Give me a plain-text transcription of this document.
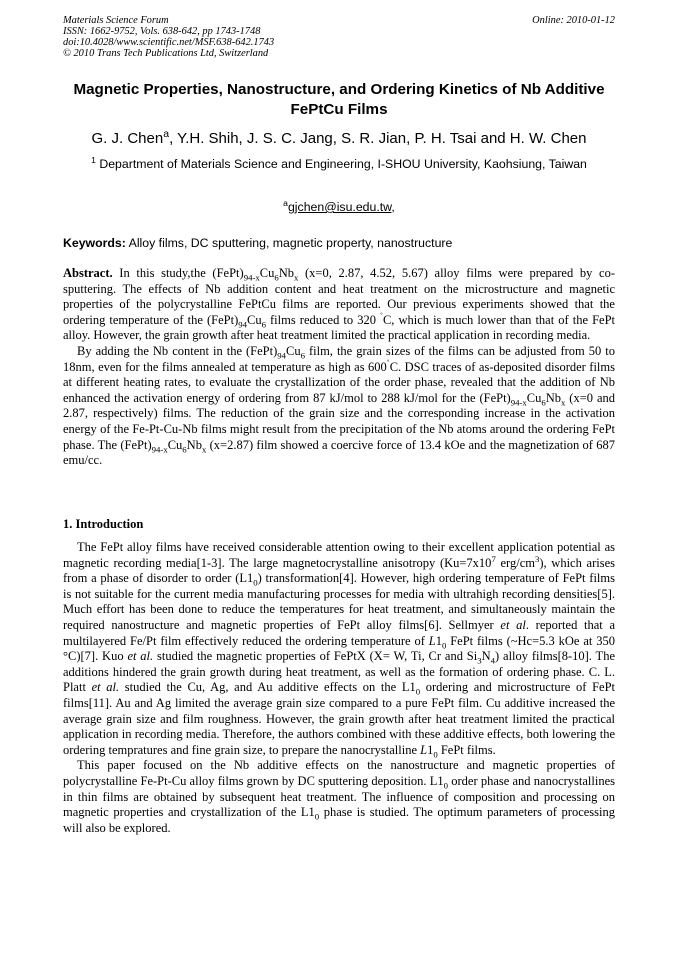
Materials Science Forum
ISSN: 1662-9752, Vols. 638-642, pp 1743-1748
doi:10.4028/www.scientific.net/MSF.638-642.1743
© 2010 Trans Tech Publications Ltd, Switzerland
Online: 2010-01-12
Magnetic Properties, Nanostructure, and Ordering Kinetics of Nb Additive FePtCu Films
G. J. Chen$^a$, Y.H. Shih, J. S. C. Jang, S. R. Jian, P. H. Tsai and H. W. Chen
$^1$ Department of Materials Science and Engineering, I-SHOU University, Kaohsiung, Taiwan
$^a$gjchen@isu.edu.tw,
Keywords: Alloy films, DC sputtering, magnetic property, nanostructure

Abstract. In this study,the $(FePt)_{94-x}Cu_6Nb_x$ (x=0, 2.87, 4.52, 5.67) alloy films were prepared by co-sputtering. The effects of Nb addition content and heat treatment on the microstructure and magnetic properties of the polycrystalline FePtCu films are reported. Our previous experiments showed that the ordering temperature of the $(FePt)_{94}Cu_6$ films reduced to 320 ˚C, which is much lower than that of the FePt alloy. However, the grain growth after heat treatment limited the practical application in recording media.

By adding the Nb content in the $(FePt)_{94}Cu_6$ film, the grain sizes of the films can be adjusted from 50 to 18nm, even for the films annealed at temperature as high as 600˚C. DSC traces of as-deposited disorder films at different heating rates, to evaluate the crystallization of the order phase, revealed that the addition of Nb enhanced the activation energy of ordering from 87 kJ/mol to 288 kJ/mol for the $(FePt)_{94-x}Cu_6Nb_x$ (x=0 and 2.87, respectively) films. The reduction of the grain size and the corresponding increase in the activation energy of the Fe-Pt-Cu-Nb films might result from the precipitation of the Nb atoms around the ordering FePt phase. The $(FePt)_{94-x}Cu_6Nb_x$ (x=2.87) film showed a coercive force of 13.4 kOe and the magnetization of 687 emu/cc.

1. Introduction

The FePt alloy films have received considerable attention owing to their excellent application potential as magnetic recording media[1-3]. The large magnetocrystalline anisotropy ($Ku=7x10^7$ erg/$cm^3$), which arises from a phase of disorder to order $(L1_0)$ transformation[4]. However, high ordering temperature of FePt films is not suitable for the current media manufacturing processes for media with ultrahigh recording densities[5]. Much effort has been done to reduce the temperatures for heat treatment, and simultaneously maintain the required nanostructure and magnetic properties of FePt alloy films[6]. Sellmyer et al. reported that a multilayered Fe/Pt film effectively reduced the ordering temperature of $L1_0$ FePt films (~Hc=5.3 kOe at 350 °C)[7]. Kuo et al. studied the magnetic properties of FePtX (X= W, Ti, Cr and $Si_3N_4$) alloy films[8-10]. The additions hindered the grain growth during heat treatment, as well as the formation of ordering phase. C. L. Platt et al. studied the Cu, Ag, and Au additive effects on the $L1_0$ ordering and microstructure of FePt films[11]. Au and Ag limited the average grain size compared to a pure FePt film. Cu additive increased the average grain size and film roughness. However, the grain growth after heat treatment limited the practical application in recording media. Therefore, the authors combined with these additive effects, both lowering the ordering tempratures and fine grain size, to prepare the nanocrystalline $L1_0$ FePt films.

This paper focused on the Nb additive effects on the nanostructure and magnetic properties of polycrystalline Fe-Pt-Cu alloy films grown by DC sputtering deposition. $L1_0$ order phase and nanocrystallines in thin films are obtained by subsequent heat treatment. The influence of composition and processing on magnetic properties and crystallization of the $L1_0$ phase is studied. The optimum parameters of processing will also be explored.
